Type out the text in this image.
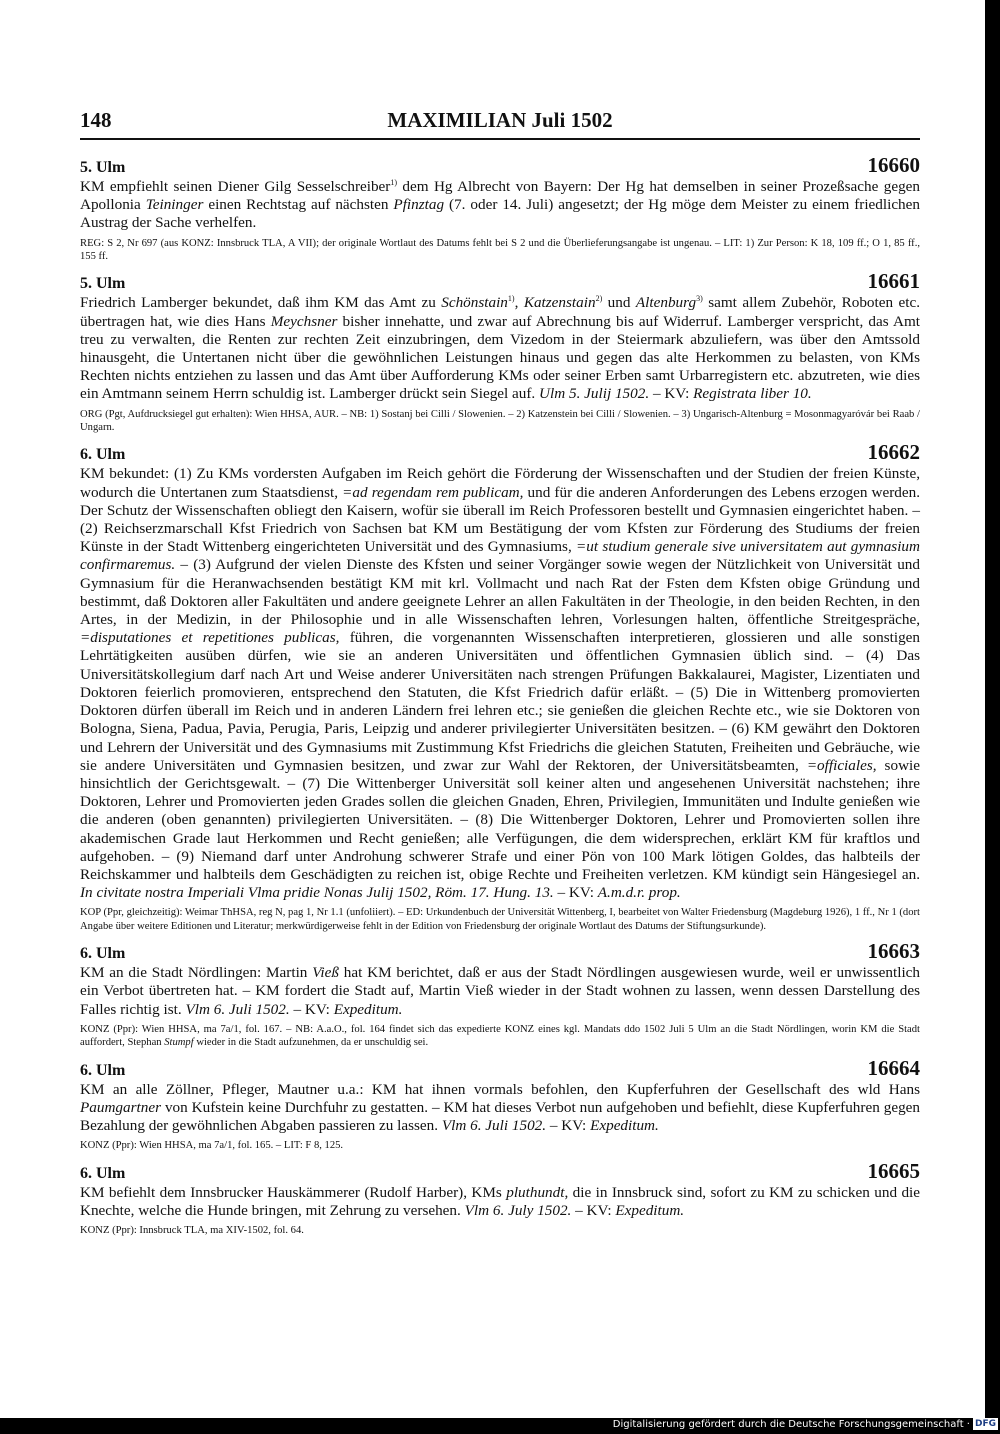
MAXIMILIAN Juli 1502
148
5. Ulm	16660

KM empfiehlt seinen Diener Gilg Sesselschreiber$^{1)}$ dem Hg Albrecht von Bayern: Der Hg hat demselben in seiner Prozeßsache gegen Apollonia Teininger einen Rechtstag auf nächsten Pfinztag (7. oder 14. Juli) angesetzt; der Hg möge dem Meister zu einem friedlichen Austrag der Sache verhelfen.

REG: S 2, Nr 697 (aus KONZ: Innsbruck TLA, A VII); der originale Wortlaut des Datums fehlt bei S 2 und die Überlieferungsangabe ist ungenau. – LIT: 1) Zur Person: K 18, 109 ff.; O 1, 85 ff., 155 ff.

5. Ulm	16661

Friedrich Lamberger bekundet, daß ihm KM das Amt zu Schönstain$^{1)}$, Katzenstain$^{2)}$ und Altenburg$^{3)}$ samt allem Zubehör, Roboten etc. übertragen hat, wie dies Hans Meychsner bisher innehatte, und zwar auf Abrechnung bis auf Widerruf. Lamberger verspricht, das Amt treu zu verwalten, die Renten zur rechten Zeit einzubringen, dem Vizedom in der Steiermark abzuliefern, was über den Amtssold hinausgeht, die Untertanen nicht über die gewöhnlichen Leistungen hinaus und gegen das alte Herkommen zu belasten, von KMs Rechten nichts entziehen zu lassen und das Amt über Aufforderung KMs oder seiner Erben samt Urbarregistern etc. abzutreten, wie dies ein Amtmann seinem Herrn schuldig ist. Lamberger drückt sein Siegel auf. Ulm 5. Julij 1502. – KV: Registrata liber 10.

ORG (Pgt, Aufdrucksiegel gut erhalten): Wien HHSA, AUR. – NB: 1) Sostanj bei Cilli / Slowenien. – 2) Katzenstein bei Cilli / Slowenien. – 3) Ungarisch-Altenburg = Mosonmagyaróvár bei Raab / Ungarn.

6. Ulm	16662

KM bekundet: (1) Zu KMs vordersten Aufgaben im Reich gehört die Förderung der Wissenschaften und der Studien der freien Künste, wodurch die Untertanen zum Staatsdienst, =ad regendam rem publicam, und für die anderen Anforderungen des Lebens erzogen werden. Der Schutz der Wissenschaften obliegt den Kaisern, wofür sie überall im Reich Professoren bestellt und Gymnasien eingerichtet haben. – (2) Reichserzmarschall Kfst Friedrich von Sachsen bat KM um Bestätigung der vom Kfsten zur Förderung des Studiums der freien Künste in der Stadt Wittenberg eingerichteten Universität und des Gymnasiums, =ut studium generale sive universitatem aut gymnasium confirmaremus. – (3) Aufgrund der vielen Dienste des Kfsten und seiner Vorgänger sowie wegen der Nützlichkeit von Universität und Gymnasium für die Heranwachsenden bestätigt KM mit krl. Vollmacht und nach Rat der Fsten dem Kfsten obige Gründung und bestimmt, daß Doktoren aller Fakultäten und andere geeignete Lehrer an allen Fakultäten in der Theologie, in den beiden Rechten, in den Artes, in der Medizin, in der Philosophie und in alle Wissenschaften lehren, Vorlesungen halten, öffentliche Streitgespräche, =disputationes et repetitiones publicas, führen, die vorgenannten Wissenschaften interpretieren, glossieren und alle sonstigen Lehrtätigkeiten ausüben dürfen, wie sie an anderen Universitäten und öffentlichen Gymnasien üblich sind. – (4) Das Universitätskollegium darf nach Art und Weise anderer Universitäten nach strengen Prüfungen Bakkalaurei, Magister, Lizentiaten und Doktoren feierlich promovieren, entsprechend den Statuten, die Kfst Friedrich dafür erläßt. – (5) Die in Wittenberg promovierten Doktoren dürfen überall im Reich und in anderen Ländern frei lehren etc.; sie genießen die gleichen Rechte etc., wie sie Doktoren von Bologna, Siena, Padua, Pavia, Perugia, Paris, Leipzig und anderer privilegierter Universitäten besitzen. – (6) KM gewährt den Doktoren und Lehrern der Universität und des Gymnasiums mit Zustimmung Kfst Friedrichs die gleichen Statuten, Freiheiten und Gebräuche, wie sie andere Universitäten und Gymnasien besitzen, und zwar zur Wahl der Rektoren, der Universitätsbeamten, =officiales, sowie hinsichtlich der Gerichtsgewalt. – (7) Die Wittenberger Universität soll keiner alten und angesehenen Universität nachstehen; ihre Doktoren, Lehrer und Promovierten jeden Grades sollen die gleichen Gnaden, Ehren, Privilegien, Immunitäten und Indulte genießen wie die anderen (oben genannten) privilegierten Universitäten. – (8) Die Wittenberger Doktoren, Lehrer und Promovierten sollen ihre akademischen Grade laut Herkommen und Recht genießen; alle Verfügungen, die dem widersprechen, erklärt KM für kraftlos und aufgehoben. – (9) Niemand darf unter Androhung schwerer Strafe und einer Pön von 100 Mark lötigen Goldes, das halbteils der Reichskammer und halbteils dem Geschädigten zu reichen ist, obige Rechte und Freiheiten verletzen. KM kündigt sein Hängesiegel an. In civitate nostra Imperiali Vlma pridie Nonas Julij 1502, Röm. 17. Hung. 13. – KV: A.m.d.r. prop.

KOP (Ppr, gleichzeitig): Weimar ThHSA, reg N, pag 1, Nr 1.1 (unfoliiert). – ED: Urkundenbuch der Universität Wittenberg, I, bearbeitet von Walter Friedensburg (Magdeburg 1926), 1 ff., Nr 1 (dort Angabe über weitere Editionen und Literatur; merkwürdigerweise fehlt in der Edition von Friedensburg der originale Wortlaut des Datums der Stiftungsurkunde).

6. Ulm	16663

KM an die Stadt Nördlingen: Martin Vieß hat KM berichtet, daß er aus der Stadt Nördlingen ausgewiesen wurde, weil er unwissentlich ein Verbot übertreten hat. – KM fordert die Stadt auf, Martin Vieß wieder in der Stadt wohnen zu lassen, wenn dessen Darstellung des Falles richtig ist. Vlm 6. Juli 1502. – KV: Expeditum.

KONZ (Ppr): Wien HHSA, ma 7a/1, fol. 167. – NB: A.a.O., fol. 164 findet sich das expedierte KONZ eines kgl. Mandats ddo 1502 Juli 5 Ulm an die Stadt Nördlingen, worin KM die Stadt auffordert, Stephan Stumpf wieder in die Stadt aufzunehmen, da er unschuldig sei.

6. Ulm	16664

KM an alle Zöllner, Pfleger, Mautner u.a.: KM hat ihnen vormals befohlen, den Kupferfuhren der Gesellschaft des wld Hans Paumgartner von Kufstein keine Durchfuhr zu gestatten. – KM hat dieses Verbot nun aufgehoben und befiehlt, diese Kupferfuhren gegen Bezahlung der gewöhnlichen Abgaben passieren zu lassen. Vlm 6. Juli 1502. – KV: Expeditum.

KONZ (Ppr): Wien HHSA, ma 7a/1, fol. 165. – LIT: F 8, 125.

6. Ulm	16665

KM befiehlt dem Innsbrucker Hauskämmerer (Rudolf Harber), KMs pluthundt, die in Innsbruck sind, sofort zu KM zu schicken und die Knechte, welche die Hunde bringen, mit Zehrung zu versehen. Vlm 6. July 1502. – KV: Expeditum.

KONZ (Ppr): Innsbruck TLA, ma XIV-1502, fol. 64.

Digitalisierung gefördert durch die Deutsche Forschungsgemeinschaft · DFG
